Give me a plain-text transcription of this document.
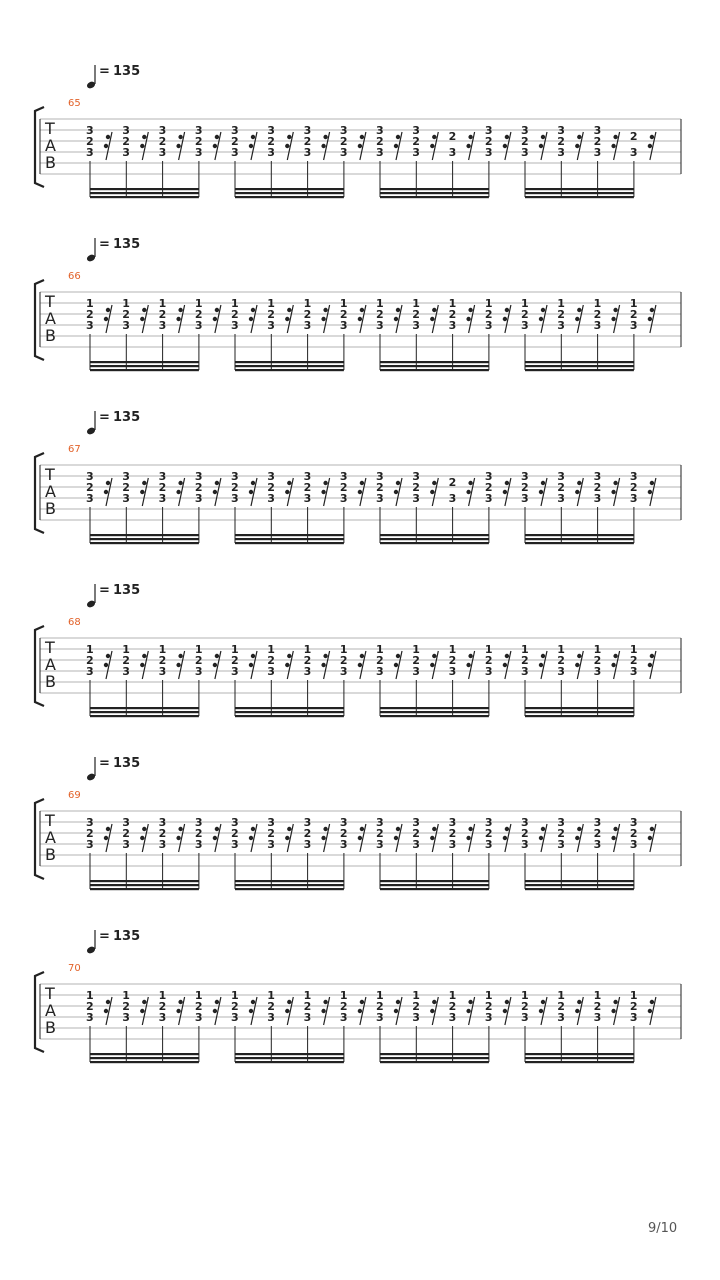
= 135
65
T
A
B
3
2
3
3
2
3
3
2
3
3
2
3
3
2
3
3
2
3
3
2
3
3
2
3
3
2
3
3
2
3
2
3
3
2
3
3
2
3
3
2
3
3
2
3
2
3
= 135
66
T
A
B
1
2
3
1
2
3
1
2
3
1
2
3
1
2
3
1
2
3
1
2
3
1
2
3
1
2
3
1
2
3
1
2
3
1
2
3
1
2
3
1
2
3
1
2
3
1
2
3
= 135
67
T
A
B
3
2
3
3
2
3
3
2
3
3
2
3
3
2
3
3
2
3
3
2
3
3
2
3
3
2
3
3
2
3
2
3
3
2
3
3
2
3
3
2
3
3
2
3
3
2
3
= 135
68
T
A
B
1
2
3
1
2
3
1
2
3
1
2
3
1
2
3
1
2
3
1
2
3
1
2
3
1
2
3
1
2
3
1
2
3
1
2
3
1
2
3
1
2
3
1
2
3
1
2
3
= 135
69
T
A
B
3
2
3
3
2
3
3
2
3
3
2
3
3
2
3
3
2
3
3
2
3
3
2
3
3
2
3
3
2
3
3
2
3
3
2
3
3
2
3
3
2
3
3
2
3
3
2
3
= 135
70
T
A
B
1
2
3
1
2
3
1
2
3
1
2
3
1
2
3
1
2
3
1
2
3
1
2
3
1
2
3
1
2
3
1
2
3
1
2
3
1
2
3
1
2
3
1
2
3
1
2
3
9/10
